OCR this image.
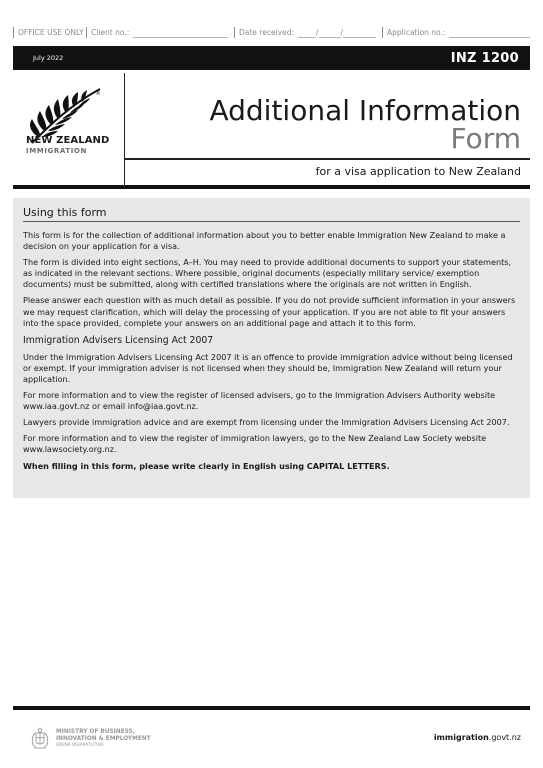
OFFICE USE ONLY Client no.:	Date received:	/	/	Application no.:
July 2022	INZ 1200
®
NEW ZEALAND
IMMIGRATION
Additional Information
Form
for a visa application to New Zealand
Using this form

This form is for the collection of additional information about you to better enable Immigration New Zealand to make a decision on your application for a visa.

The form is divided into eight sections, A–H. You may need to provide additional documents to support your statements, as indicated in the relevant sections. Where possible, original documents (especially military service/ exemption documents) must be submitted, along with certified translations where the originals are not written in English.

Please answer each question with as much detail as possible. If you do not provide sufficient information in your answers we may request clarification, which will delay the processing of your application. If you are not able to fit your answers into the space provided, complete your answers on an additional page and attach it to this form.

Immigration Advisers Licensing Act 2007

Under the Immigration Advisers Licensing Act 2007 it is an offence to provide immigration advice without being licensed or exempt. If your immigration adviser is not licensed when they should be, Immigration New Zealand will return your application.

For more information and to view the register of licensed advisers, go to the Immigration Advisers Authority website www.iaa.govt.nz or email info@iaa.govt.nz.

Lawyers provide immigration advice and are exempt from licensing under the Immigration Advisers Licensing Act 2007.

For more information and to view the register of immigration lawyers, go to the New Zealand Law Society website www.lawsociety.org.nz.

When filling in this form, please write clearly in English using CAPITAL LETTERS.

MINISTRY OF BUSINESS,
INNOVATION & EMPLOYMENT
HĪKINA WHAKATUTUKI
immigration.govt.nz
